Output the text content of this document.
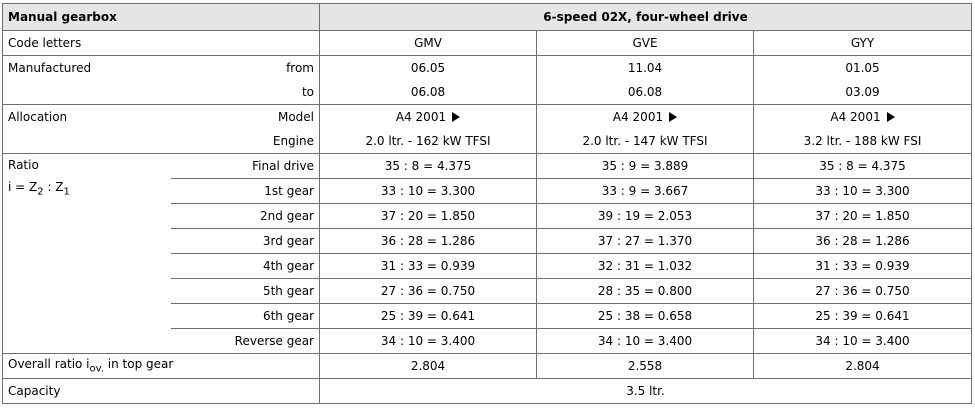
Manual gearbox		6-speed 02X, four-wheel drive		
Code letters		GMV	GVE	GYY
Manufactured	from	06.05	11.04	01.05
	to	06.08	06.08	03.09
Allocation	Model	A4 2001	A4 2001	A4 2001
	Engine	2.0 ltr. - 162 kW TFSI	2.0 ltr. - 147 kW TFSI	3.2 ltr. - 188 kW FSI

Ratio
$i = Z_2$ : $Z_1$	Final drive	35 : 8 = 4.375	35 : 9 = 3.889	35 : 8 = 4.375
	1st gear	33 : 10 = 3.300	33 : 9 = 3.667	33 : 10 = 3.300
	2nd gear	37 : 20 = 1.850	39 : 19 = 2.053	37 : 20 = 1.850
	3rd gear	36 : 28 = 1.286	37 : 27 = 1.370	36 : 28 = 1.286
	4th gear	31 : 33 = 0.939	32 : 31 = 1.032	31 : 33 = 0.939
	5th gear	27 : 36 = 0.750	28 : 35 = 0.800	27 : 36 = 0.750
	6th gear	25 : 39 = 0.641	25 : 38 = 0.658	25 : 39 = 0.641
	Reverse gear	34 : 10 = 3.400	34 : 10 = 3.400	34 : 10 = 3.400
Overall ratio $i_{ov.}$ in top gear		2.804	2.558	2.804
Capacity		3.5 ltr.		
